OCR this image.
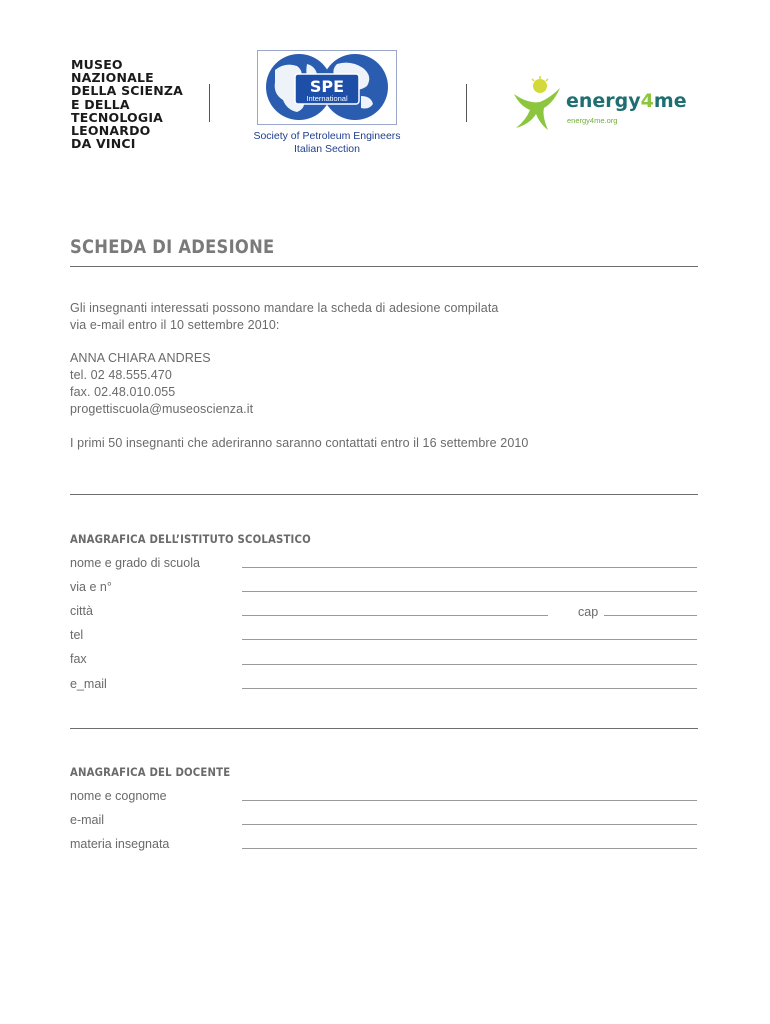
MUSEO
NAZIONALE
DELLA SCIENZA
E DELLA
TECNOLOGIA
LEONARDO
DA VINCI
SPE
International
Society of Petroleum Engineers
Italian Section
energy4me
energy4me.org
SCHEDA DI ADESIONE
Gli insegnanti interessati possono mandare la scheda di adesione compilata
via e-mail entro il 10 settembre 2010:
ANNA CHIARA ANDRES
tel. 02 48.555.470
fax. 02.48.010.055
progettiscuola@museoscienza.it
I primi 50 insegnanti che aderiranno saranno contattati entro il 16 settembre 2010
ANAGRAFICA DELL’ISTITUTO SCOLASTICO
nome e grado di scuola
via e n°
città	cap
tel
fax
e_mail
ANAGRAFICA DEL DOCENTE
nome e cognome
e-mail
materia insegnata
